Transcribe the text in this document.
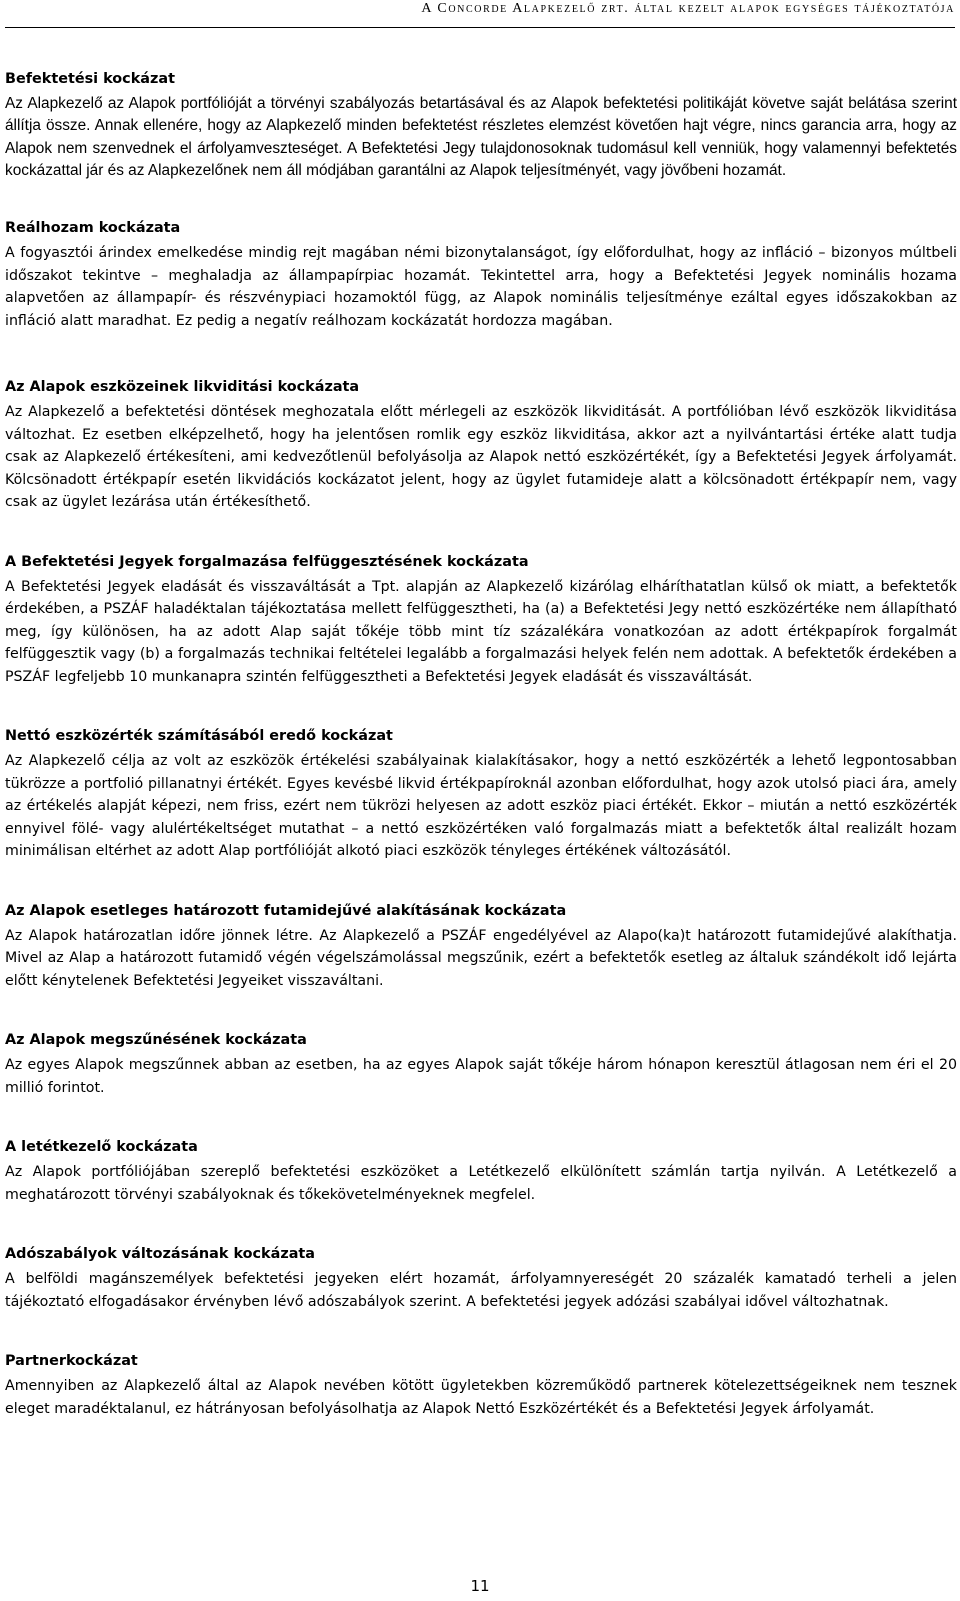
A Concorde Alapkezelő zrt. által kezelt alapok egységes tájékoztatója
Befektetési kockázat

Az Alapkezelő az Alapok portfólióját a törvényi szabályozás betartásával és az Alapok befektetési politikáját követve saját belátása szerint állítja össze. Annak ellenére, hogy az Alapkezelő minden befektetést részletes elemzést követően hajt végre, nincs garancia arra, hogy az Alapok nem szenvednek el árfolyamveszteséget. A Befektetési Jegy tulajdonosoknak tudomásul kell venniük, hogy valamennyi befektetés kockázattal jár és az Alapkezelőnek nem áll módjában garantálni az Alapok teljesítményét, vagy jövőbeni hozamát.

Reálhozam kockázata

A fogyasztói árindex emelkedése mindig rejt magában némi bizonytalanságot, így előfordulhat, hogy az infláció – bizonyos múltbeli időszakot tekintve – meghaladja az állampapírpiac hozamát. Tekintettel arra, hogy a Befektetési Jegyek nominális hozama alapvetően az állampapír- és részvénypiaci hozamoktól függ, az Alapok nominális teljesítménye ezáltal egyes időszakokban az infláció alatt maradhat. Ez pedig a negatív reálhozam kockázatát hordozza magában.

Az Alapok eszközeinek likviditási kockázata

Az Alapkezelő a befektetési döntések meghozatala előtt mérlegeli az eszközök likviditását. A portfólióban lévő eszközök likviditása változhat. Ez esetben elképzelhető, hogy ha jelentősen romlik egy eszköz likviditása, akkor azt a nyilvántartási értéke alatt tudja csak az Alapkezelő értékesíteni, ami kedvezőtlenül befolyásolja az Alapok nettó eszközértékét, így a Befektetési Jegyek árfolyamát. Kölcsönadott értékpapír esetén likvidációs kockázatot jelent, hogy az ügylet futamideje alatt a kölcsönadott értékpapír nem, vagy csak az ügylet lezárása után értékesíthető.

A Befektetési Jegyek forgalmazása felfüggesztésének kockázata

A Befektetési Jegyek eladását és visszaváltását a Tpt. alapján az Alapkezelő kizárólag elháríthatatlan külső ok miatt, a befektetők érdekében, a PSZÁF haladéktalan tájékoztatása mellett felfüggesztheti, ha (a) a Befektetési Jegy nettó eszközértéke nem állapítható meg, így különösen, ha az adott Alap saját tőkéje több mint tíz százalékára vonatkozóan az adott értékpapírok forgalmát felfüggesztik vagy (b) a forgalmazás technikai feltételei legalább a forgalmazási helyek felén nem adottak. A befektetők érdekében a PSZÁF legfeljebb 10 munkanapra szintén felfüggesztheti a Befektetési Jegyek eladását és visszaváltását.

Nettó eszközérték számításából eredő kockázat

Az Alapkezelő célja az volt az eszközök értékelési szabályainak kialakításakor, hogy a nettó eszközérték a lehető legpontosabban tükrözze a portfolió pillanatnyi értékét. Egyes kevésbé likvid értékpapíroknál azonban előfordulhat, hogy azok utolsó piaci ára, amely az értékelés alapját képezi, nem friss, ezért nem tükrözi helyesen az adott eszköz piaci értékét. Ekkor – miután a nettó eszközérték ennyivel fölé- vagy alulértékeltséget mutathat – a nettó eszközértéken való forgalmazás miatt a befektetők által realizált hozam minimálisan eltérhet az adott Alap portfólióját alkotó piaci eszközök tényleges értékének változásától.

Az Alapok esetleges határozott futamidejűvé alakításának kockázata

Az Alapok határozatlan időre jönnek létre. Az Alapkezelő a PSZÁF engedélyével az Alapo(ka)t határozott futamidejűvé alakíthatja. Mivel az Alap a határozott futamidő végén végelszámolással megszűnik, ezért a befektetők esetleg az általuk szándékolt idő lejárta előtt kénytelenek Befektetési Jegyeiket visszaváltani.

Az Alapok megszűnésének kockázata

Az egyes Alapok megszűnnek abban az esetben, ha az egyes Alapok saját tőkéje három hónapon keresztül átlagosan nem éri el 20 millió forintot.

A letétkezelő kockázata

Az Alapok portfóliójában szereplő befektetési eszközöket a Letétkezelő elkülönített számlán tartja nyilván. A Letétkezelő a meghatározott törvényi szabályoknak és tőkekövetelményeknek megfelel.

Adószabályok változásának kockázata

A belföldi magánszemélyek befektetési jegyeken elért hozamát, árfolyamnyereségét 20 százalék kamatadó terheli a jelen tájékoztató elfogadásakor érvényben lévő adószabályok szerint. A befektetési jegyek adózási szabályai idővel változhatnak.

Partnerkockázat

Amennyiben az Alapkezelő által az Alapok nevében kötött ügyletekben közreműködő partnerek kötelezettségeiknek nem tesznek eleget maradéktalanul, ez hátrányosan befolyásolhatja az Alapok Nettó Eszközértékét és a Befektetési Jegyek árfolyamát.

11
